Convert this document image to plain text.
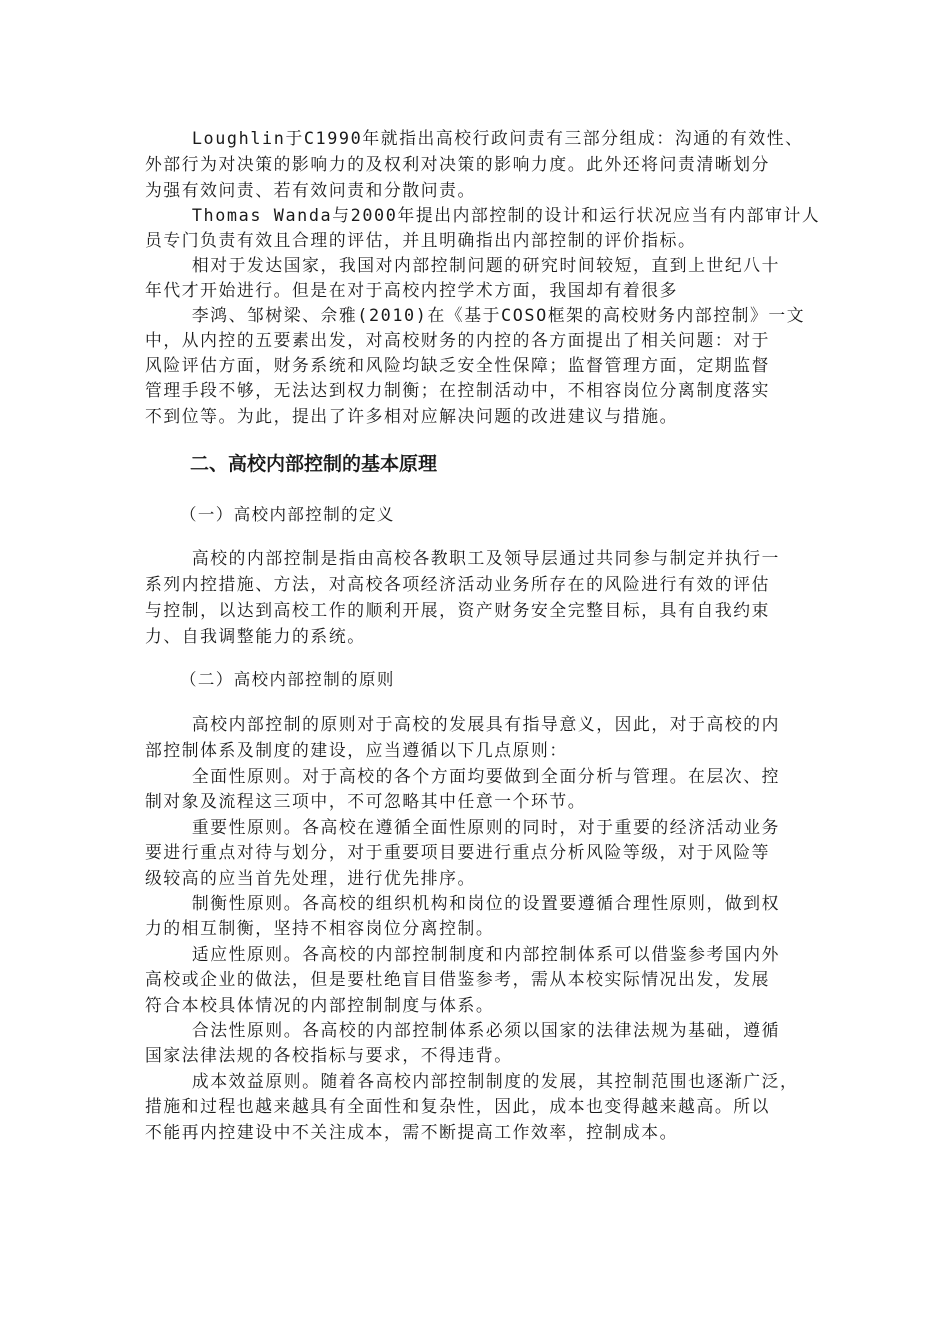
Loughlin于C1990年就指出高校行政问责有三部分组成：沟通的有效性、
外部行为对决策的影响力的及权利对决策的影响力度。此外还将问责清晰划分
为强有效问责、若有效问责和分散问责。
Thomas Wanda与2000年提出内部控制的设计和运行状况应当有内部审计人
员专门负责有效且合理的评估，并且明确指出内部控制的评价指标。
相对于发达国家，我国对内部控制问题的研究时间较短，直到上世纪八十
年代才开始进行。但是在对于高校内控学术方面，我国却有着很多
李鸿、邹树梁、佘雅(2010)在《基于COSO框架的高校财务内部控制》一文
中，从内控的五要素出发，对高校财务的内控的各方面提出了相关问题：对于
风险评估方面，财务系统和风险均缺乏安全性保障；监督管理方面，定期监督
管理手段不够，无法达到权力制衡；在控制活动中，不相容岗位分离制度落实
不到位等。为此，提出了许多相对应解决问题的改进建议与措施。
二、高校内部控制的基本原理
（一）高校内部控制的定义
高校的内部控制是指由高校各教职工及领导层通过共同参与制定并执行一
系列内控措施、方法，对高校各项经济活动业务所存在的风险进行有效的评估
与控制，以达到高校工作的顺利开展，资产财务安全完整目标，具有自我约束
力、自我调整能力的系统。
（二）高校内部控制的原则
高校内部控制的原则对于高校的发展具有指导意义，因此，对于高校的内
部控制体系及制度的建设，应当遵循以下几点原则：
全面性原则。对于高校的各个方面均要做到全面分析与管理。在层次、控
制对象及流程这三项中，不可忽略其中任意一个环节。
重要性原则。各高校在遵循全面性原则的同时，对于重要的经济活动业务
要进行重点对待与划分，对于重要项目要进行重点分析风险等级，对于风险等
级较高的应当首先处理，进行优先排序。
制衡性原则。各高校的组织机构和岗位的设置要遵循合理性原则，做到权
力的相互制衡，坚持不相容岗位分离控制。
适应性原则。各高校的内部控制制度和内部控制体系可以借鉴参考国内外
高校或企业的做法，但是要杜绝盲目借鉴参考，需从本校实际情况出发，发展
符合本校具体情况的内部控制制度与体系。
合法性原则。各高校的内部控制体系必须以国家的法律法规为基础，遵循
国家法律法规的各校指标与要求，不得违背。
成本效益原则。随着各高校内部控制制度的发展，其控制范围也逐渐广泛，
措施和过程也越来越具有全面性和复杂性，因此，成本也变得越来越高。所以
不能再内控建设中不关注成本，需不断提高工作效率，控制成本。
